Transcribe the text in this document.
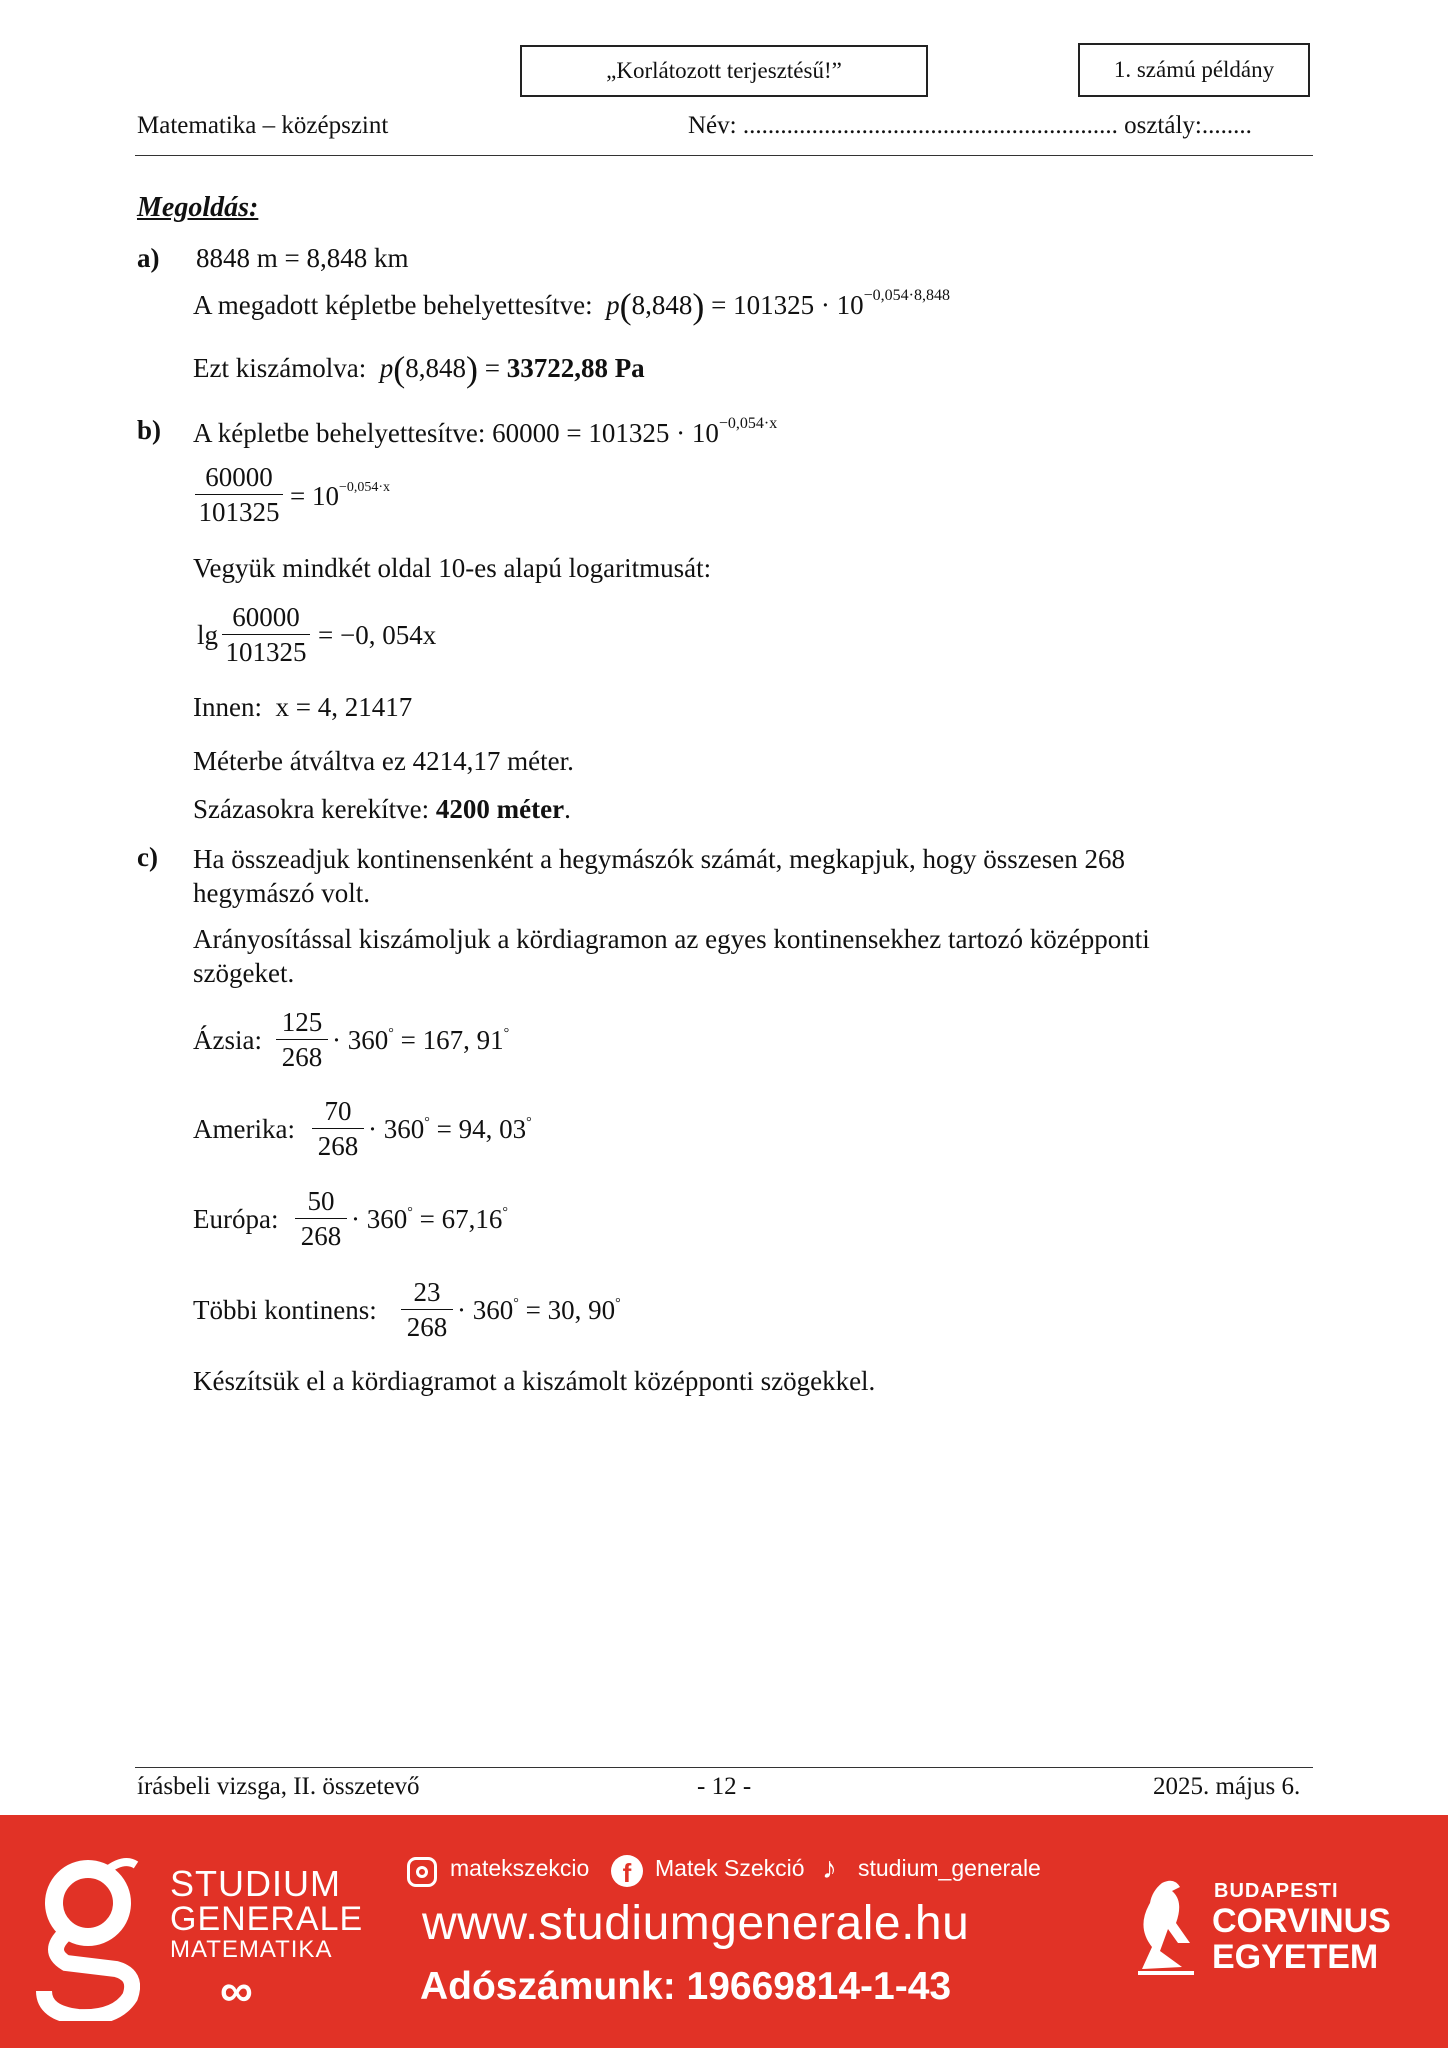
„Korlátozott terjesztésű!”	1. számú példány
Matematika – középszint	Név: ............................................................ osztály:........
Megoldás:
a) 8848 m = 8,848 km
A megadott képletbe behelyettesítve:  $p(8,848) = 101325 \cdot 10^{-0,054\cdot 8,848}$
Ezt kiszámolva:  p(8,848) = 33722,88 Pa
b) A képletbe behelyettesítve: $60000 = 101325 \cdot 10^{-0,054\cdot x}$
60000
101325
= $10^{-0,054\cdot x}$
Vegyük mindkét oldal 10-es alapú logaritmusát:
lg
60000
101325
= −0, 054x
Innen: x = 4, 21417
Méterbe átváltva ez 4214,17 méter.
Százasokra kerekítve: 4200 méter.
c) Ha összeadjuk kontinensenként a hegymászók számát, megkapjuk, hogy összesen 268
hegymászó volt.
Arányosítással kiszámoljuk a kördiagramon az egyes kontinensekhez tartozó középponti
szögeket.
Ázsia:
125
268
· 360° = 167, 91°
Amerika:
70
268
· 360° = 94, 03°
Európa:
50
268
· 360° = 67,16°
Többi kontinens:
23
268
· 360° = 30, 90°
Készítsük el a kördiagramot a kiszámolt középponti szögekkel.
írásbeli vizsga, II. összetevő	- 12 -	2025. május 6.
STUDIUM
GENERALE
MATEMATIKA
∞
matekszekcio	f	Matek Szekció ♪ studium_generale
www.studiumgenerale.hu
Adószámunk: 19669814-1-43
BUDAPESTI
CORVINUS
EGYETEM
